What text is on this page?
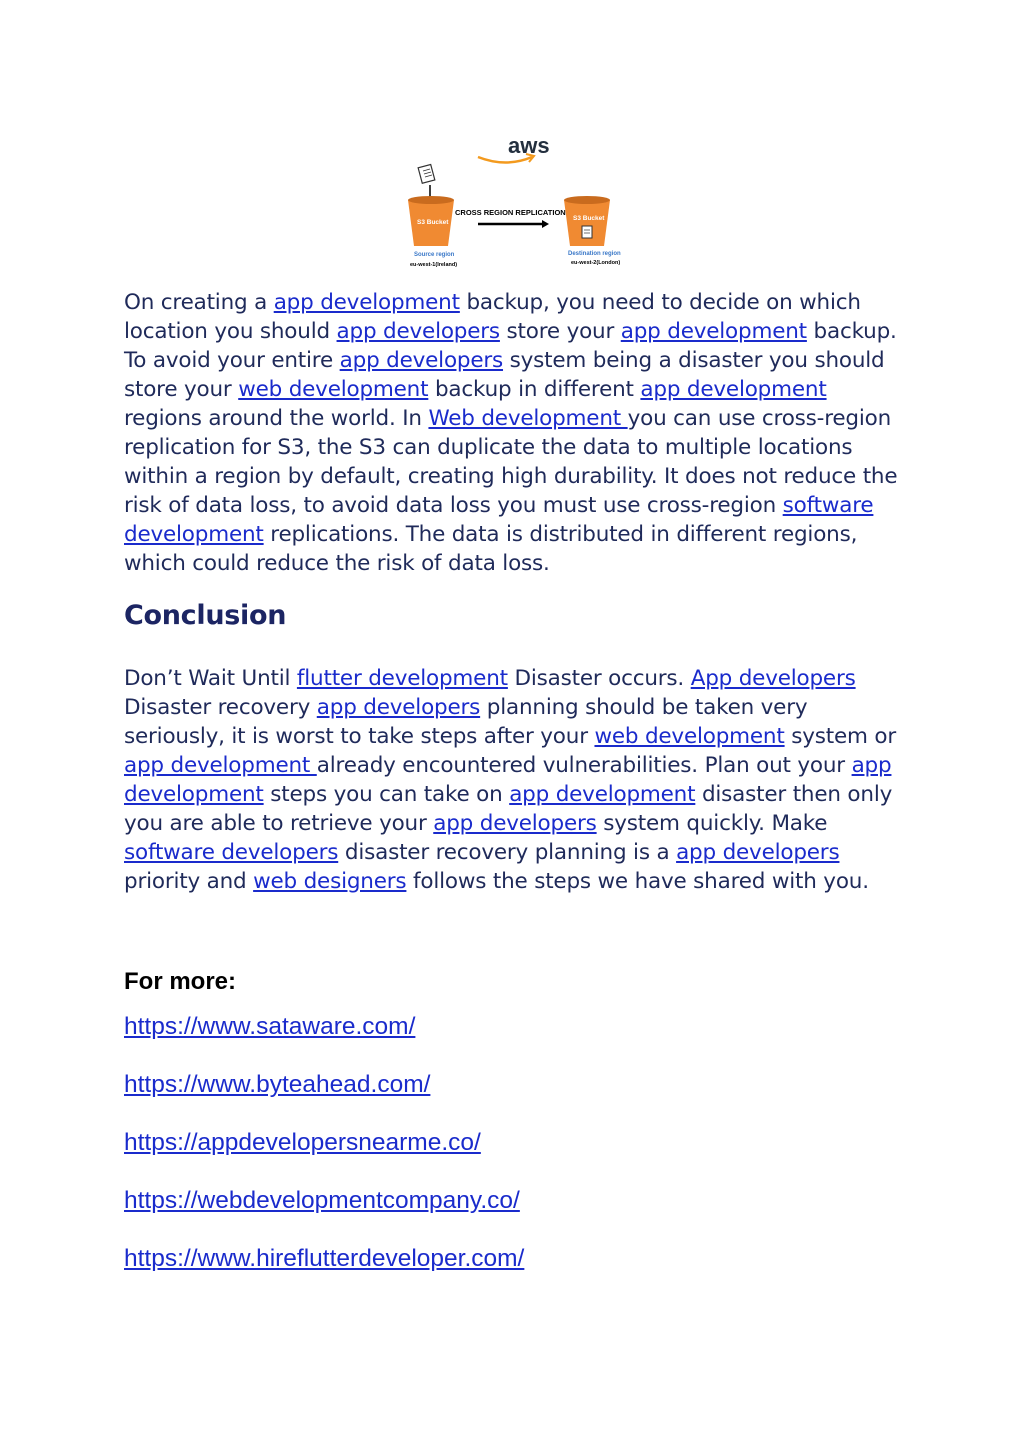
aws
S3 Bucket
CROSS REGION REPLICATION
S3 Bucket
Source region
eu-west-1(Ireland)
Destination region
eu-west-2(London)

On creating a app development backup, you need to decide on which location you should app developers store your app development backup. To avoid your entire app developers system being a disaster you should store your web development backup in different app development regions around the world. In Web development you can use cross-region replication for S3, the S3 can duplicate the data to multiple locations within a region by default, creating high durability. It does not reduce the risk of data loss, to avoid data loss you must use cross-region software development replications. The data is distributed in different regions, which could reduce the risk of data loss.

Conclusion

Don’t Wait Until flutter development Disaster occurs. App developers Disaster recovery app developers planning should be taken very seriously, it is worst to take steps after your web development system or app development already encountered vulnerabilities. Plan out your app development steps you can take on app development disaster then only you are able to retrieve your app developers system quickly. Make software developers disaster recovery planning is a app developers priority and web designers follows the steps we have shared with you.

For more:

https://www.sataware.com/
https://www.byteahead.com/
https://appdevelopersnearme.co/
https://webdevelopmentcompany.co/
https://www.hireflutterdeveloper.com/
